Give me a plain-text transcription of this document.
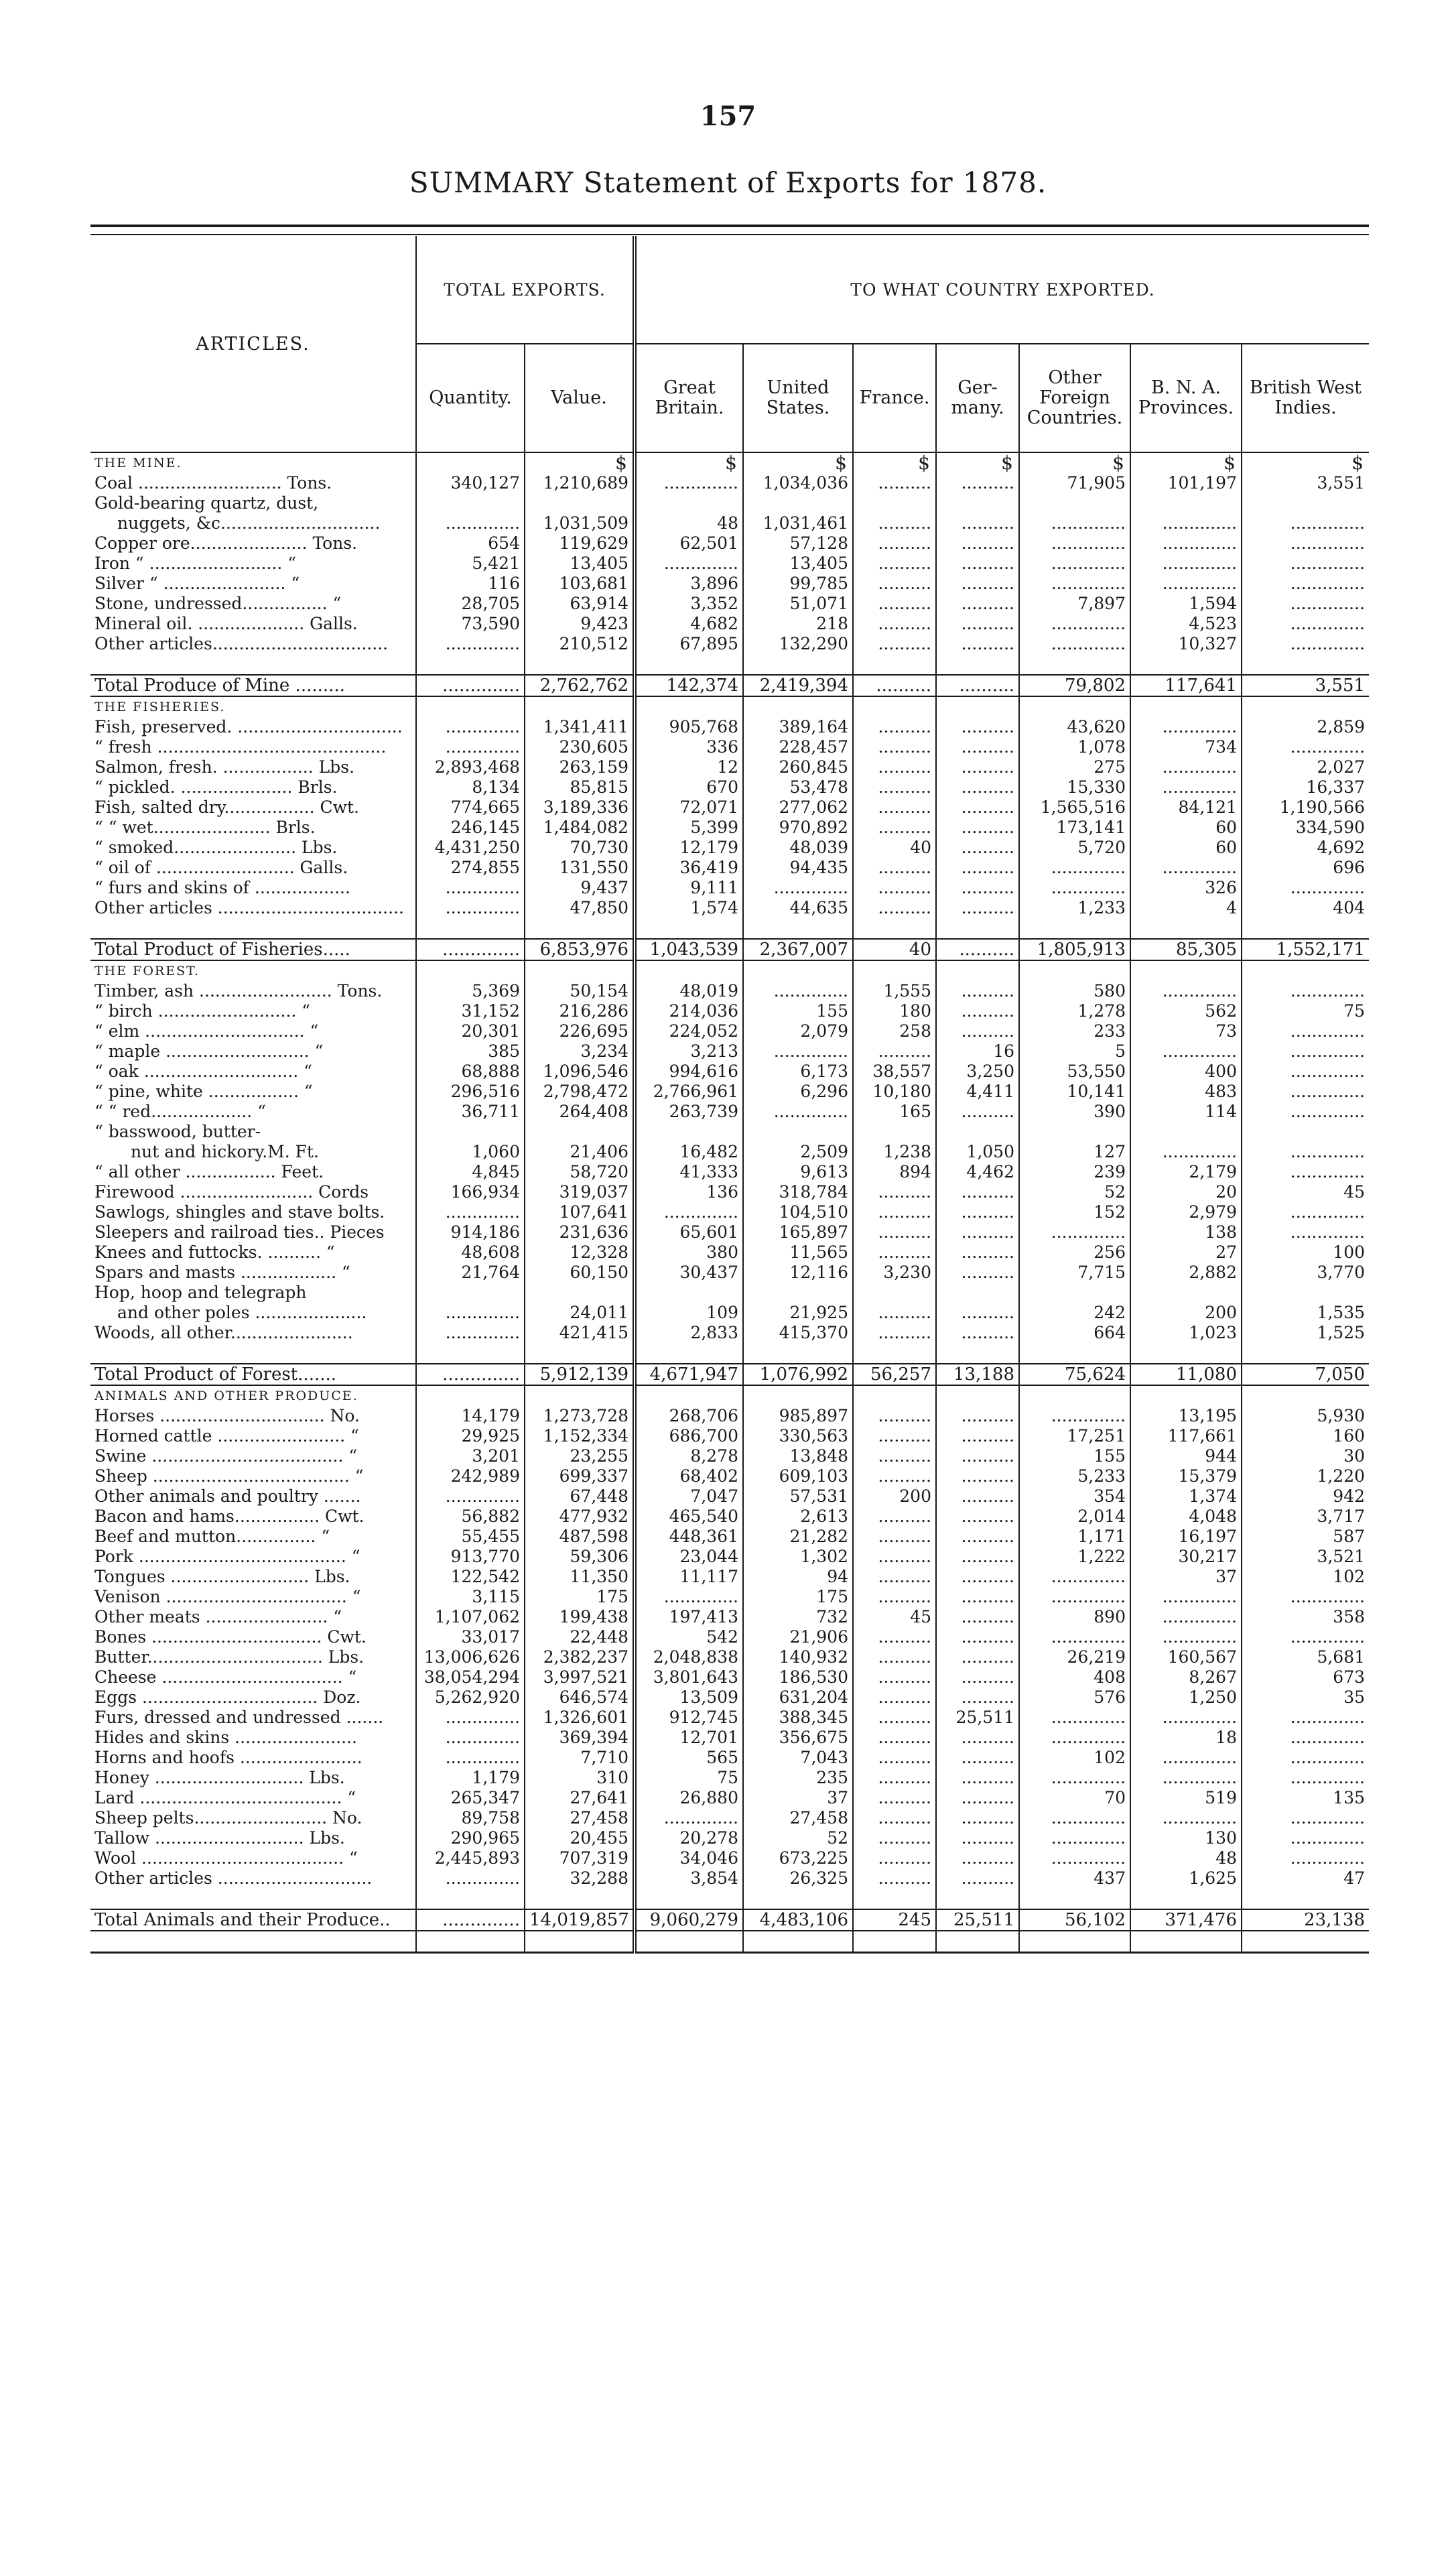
157
SUMMARY Statement of Exports for 1878.
ARTICLES.	TOTAL EXPORTS.		TO WHAT COUNTRY EXPORTED.						
	Quantity.	Value.	Great Britain.	United States.	France.	Ger- many.	Other Foreign Countries.	B. N. A. Provinces.	British West Indies.
THE MINE.		$	$	$	$	$	$	$	$
Coal ........................... Tons.	340,127	1,210,689	..............	1,034,036	..........	..........	71,905	101,197	3,551
Gold-bearing quartz, dust,									
nuggets, &c..............................	..............	1,031,509	48	1,031,461	..........	..........	..............	..............	..............
Copper ore...................... Tons.	654	119,629	62,501	57,128	..........	..........	..............	..............	..............
Iron “ ......................... “	5,421	13,405	..............	13,405	..........	..........	..............	..............	..............
Silver “ ....................... “	116	103,681	3,896	99,785	..........	..........	..............	..............	..............
Stone, undressed................ “	28,705	63,914	3,352	51,071	..........	..........	7,897	1,594	..............
Mineral oil. .................... Galls.	73,590	9,423	4,682	218	..........	..........	..............	4,523	..............
Other articles.................................	..............	210,512	67,895	132,290	..........	..........	..............	10,327	..............

Total Produce of Mine .........	..............	2,762,762	142,374	2,419,394	..........	..........	79,802	117,641	3,551
THE FISHERIES.									
Fish, preserved. ...............................	..............	1,341,411	905,768	389,164	..........	..........	43,620	..............	2,859
“ fresh ...........................................	..............	230,605	336	228,457	..........	..........	1,078	734	..............
Salmon, fresh. ................. Lbs.	2,893,468	263,159	12	260,845	..........	..........	275	..............	2,027
“ pickled. ..................... Brls.	8,134	85,815	670	53,478	..........	..........	15,330	..............	16,337
Fish, salted dry................. Cwt.	774,665	3,189,336	72,071	277,062	..........	..........	1,565,516	84,121	1,190,566
“ “ wet...................... Brls.	246,145	1,484,082	5,399	970,892	..........	..........	173,141	60	334,590
“ smoked....................... Lbs.	4,431,250	70,730	12,179	48,039	40	..........	5,720	60	4,692
“ oil of .......................... Galls.	274,855	131,550	36,419	94,435	..........	..........	..............	..............	696
“ furs and skins of ..................	..............	9,437	9,111	..............	..........	..........	..............	326	..............
Other articles ...................................	..............	47,850	1,574	44,635	..........	..........	1,233	4	404

Total Product of Fisheries.....	..............	6,853,976	1,043,539	2,367,007	40	..........	1,805,913	85,305	1,552,171
THE FOREST.									
Timber, ash ......................... Tons.	5,369	50,154	48,019	..............	1,555	..........	580	..............	..............
“ birch .......................... “	31,152	216,286	214,036	155	180	..........	1,278	562	75
“ elm .............................. “	20,301	226,695	224,052	2,079	258	..........	233	73	..............
“ maple ........................... “	385	3,234	3,213	..............	..........	16	5	..............	..............
“ oak ............................. “	68,888	1,096,546	994,616	6,173	38,557	3,250	53,550	400	..............
“ pine, white ................. “	296,516	2,798,472	2,766,961	6,296	10,180	4,411	10,141	483	..............
“ “ red................... “	36,711	264,408	263,739	..............	165	..........	390	114	..............
“ basswood, butter-									
nut and hickory.M. Ft.	1,060	21,406	16,482	2,509	1,238	1,050	127	..............	..............
“ all other ................. Feet.	4,845	58,720	41,333	9,613	894	4,462	239	2,179	..............
Firewood ......................... Cords	166,934	319,037	136	318,784	..........	..........	52	20	45
Sawlogs, shingles and stave bolts.	..............	107,641	..............	104,510	..........	..........	152	2,979	..............
Sleepers and railroad ties.. Pieces	914,186	231,636	65,601	165,897	..........	..........	..............	138	..............
Knees and futtocks. .......... “	48,608	12,328	380	11,565	..........	..........	256	27	100
Spars and masts .................. “	21,764	60,150	30,437	12,116	3,230	..........	7,715	2,882	3,770
Hop, hoop and telegraph									
and other poles .....................	..............	24,011	109	21,925	..........	..........	242	200	1,535
Woods, all other.......................	..............	421,415	2,833	415,370	..........	..........	664	1,023	1,525

Total Product of Forest.......	..............	5,912,139	4,671,947	1,076,992	56,257	13,188	75,624	11,080	7,050
ANIMALS AND OTHER PRODUCE.									
Horses ............................... No.	14,179	1,273,728	268,706	985,897	..........	..........	..............	13,195	5,930
Horned cattle ........................ “	29,925	1,152,334	686,700	330,563	..........	..........	17,251	117,661	160
Swine .................................... “	3,201	23,255	8,278	13,848	..........	..........	155	944	30
Sheep ..................................... “	242,989	699,337	68,402	609,103	..........	..........	5,233	15,379	1,220
Other animals and poultry .......	..............	67,448	7,047	57,531	200	..........	354	1,374	942
Bacon and hams................ Cwt.	56,882	477,932	465,540	2,613	..........	..........	2,014	4,048	3,717
Beef and mutton............... “	55,455	487,598	448,361	21,282	..........	..........	1,171	16,197	587
Pork ....................................... “	913,770	59,306	23,044	1,302	..........	..........	1,222	30,217	3,521
Tongues .......................... Lbs.	122,542	11,350	11,117	94	..........	..........	..............	37	102
Venison .................................. “	3,115	175	..............	175	..........	..........	..............	..............	..............
Other meats ....................... “	1,107,062	199,438	197,413	732	45	..........	890	..............	358
Bones ................................ Cwt.	33,017	22,448	542	21,906	..........	..........	..............	..............	..............
Butter................................. Lbs.	13,006,626	2,382,237	2,048,838	140,932	..........	..........	26,219	160,567	5,681
Cheese .................................. “	38,054,294	3,997,521	3,801,643	186,530	..........	..........	408	8,267	673
Eggs ................................. Doz.	5,262,920	646,574	13,509	631,204	..........	..........	576	1,250	35
Furs, dressed and undressed .......	..............	1,326,601	912,745	388,345	..........	25,511	..............	..............	..............
Hides and skins .......................	..............	369,394	12,701	356,675	..........	..........	..............	18	..............
Horns and hoofs .......................	..............	7,710	565	7,043	..........	..........	102	..............	..............
Honey ............................ Lbs.	1,179	310	75	235	..........	..........	..............	..............	..............
Lard ...................................... “	265,347	27,641	26,880	37	..........	..........	70	519	135
Sheep pelts......................... No.	89,758	27,458	..............	27,458	..........	..........	..............	..............	..............
Tallow ............................ Lbs.	290,965	20,455	20,278	52	..........	..........	..............	130	..............
Wool ...................................... “	2,445,893	707,319	34,046	673,225	..........	..........	..............	48	..............
Other articles .............................	..............	32,288	3,854	26,325	..........	..........	437	1,625	47

Total Animals and their Produce..	..............	14,019,857	9,060,279	4,483,106	245	25,511	56,102	371,476	23,138
